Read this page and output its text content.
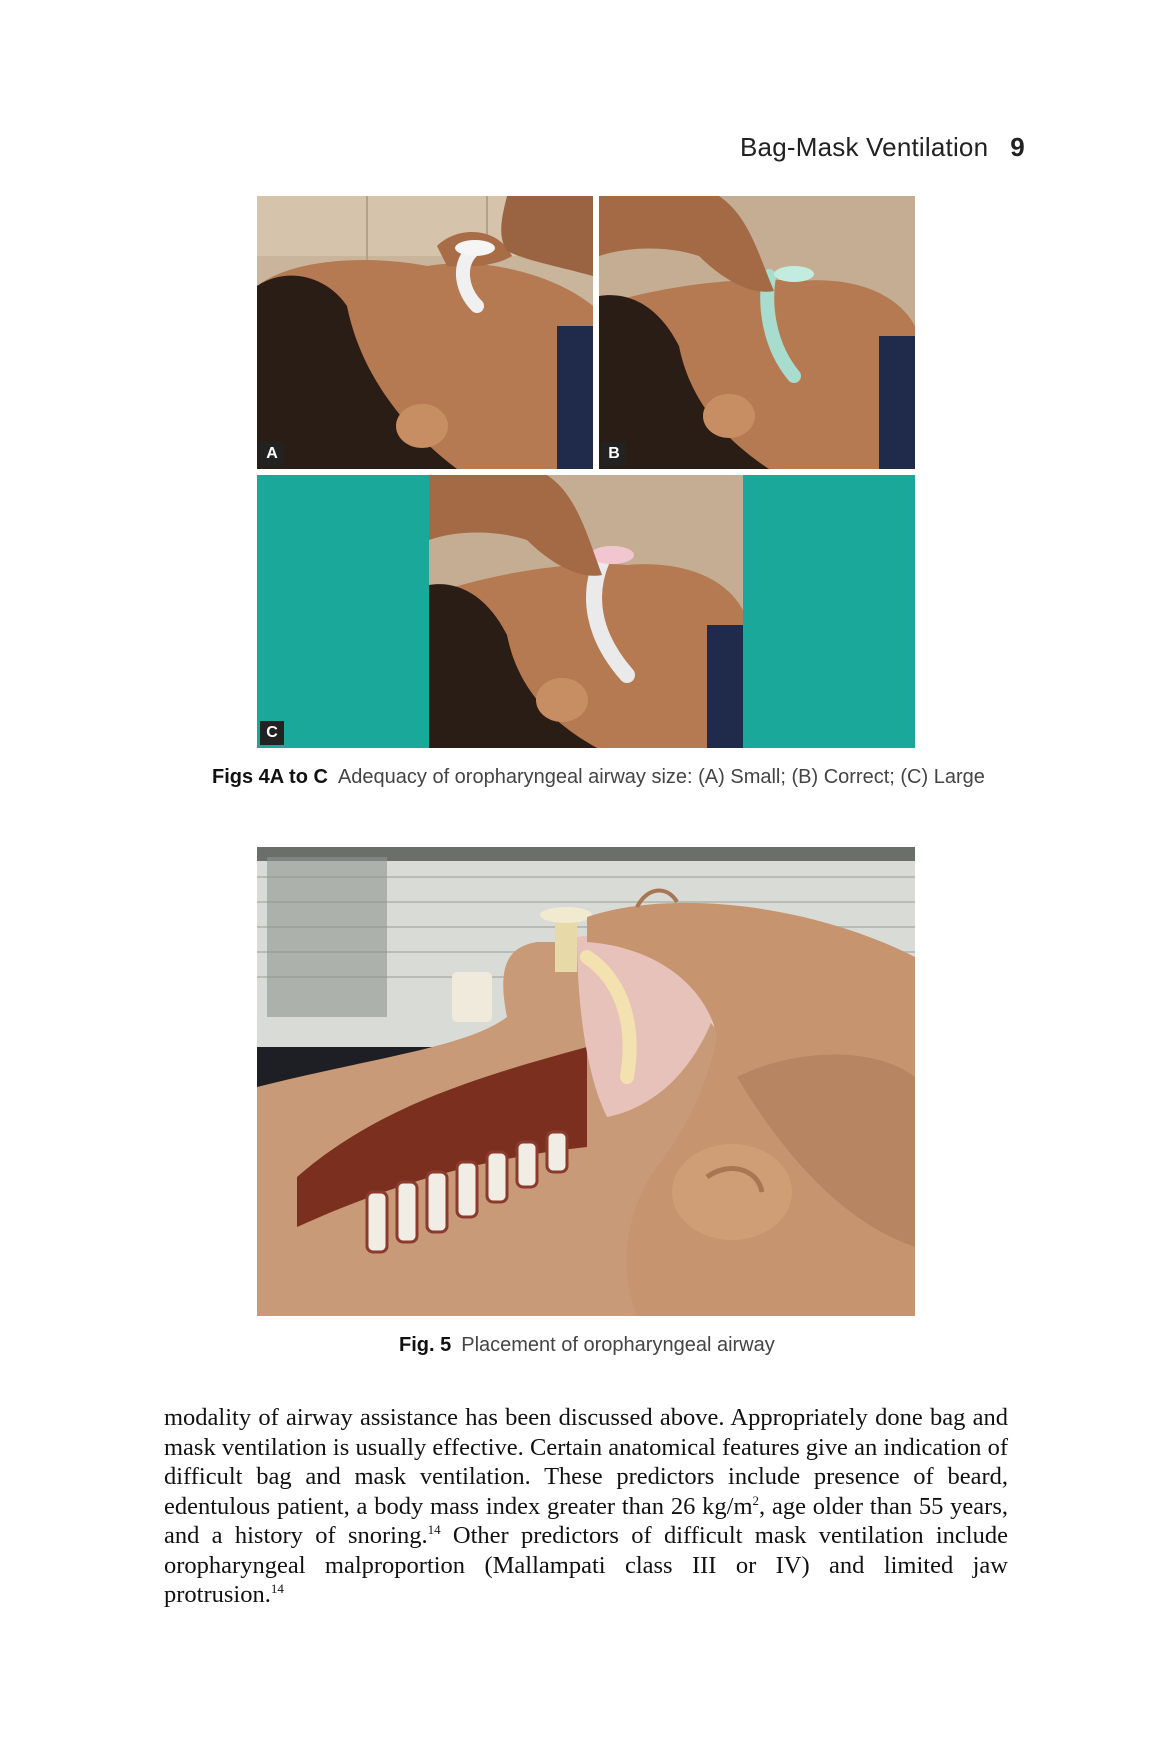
Bag-Mask Ventilation 9
A	B
C
Figs 4A to C Adequacy of oropharyngeal airway size: (A) Small; (B) Correct; (C) Large
Fig. 5 Placement of oropharyngeal airway
modality of airway assistance has been discussed above. Appropriately done bag and mask ventilation is usually effective. Certain anatomical features give an indication of difficult bag and mask ventilation. These predictors include presence of beard, edentulous patient, a body mass index greater than 26 $kg/m^2$, age older than 55 years, and a history of snoring.$^{14}$ Other predictors of difficult mask ventilation include oropharyngeal malproportion (Mallampati class III or IV) and limited jaw protrusion.$^{14}$
